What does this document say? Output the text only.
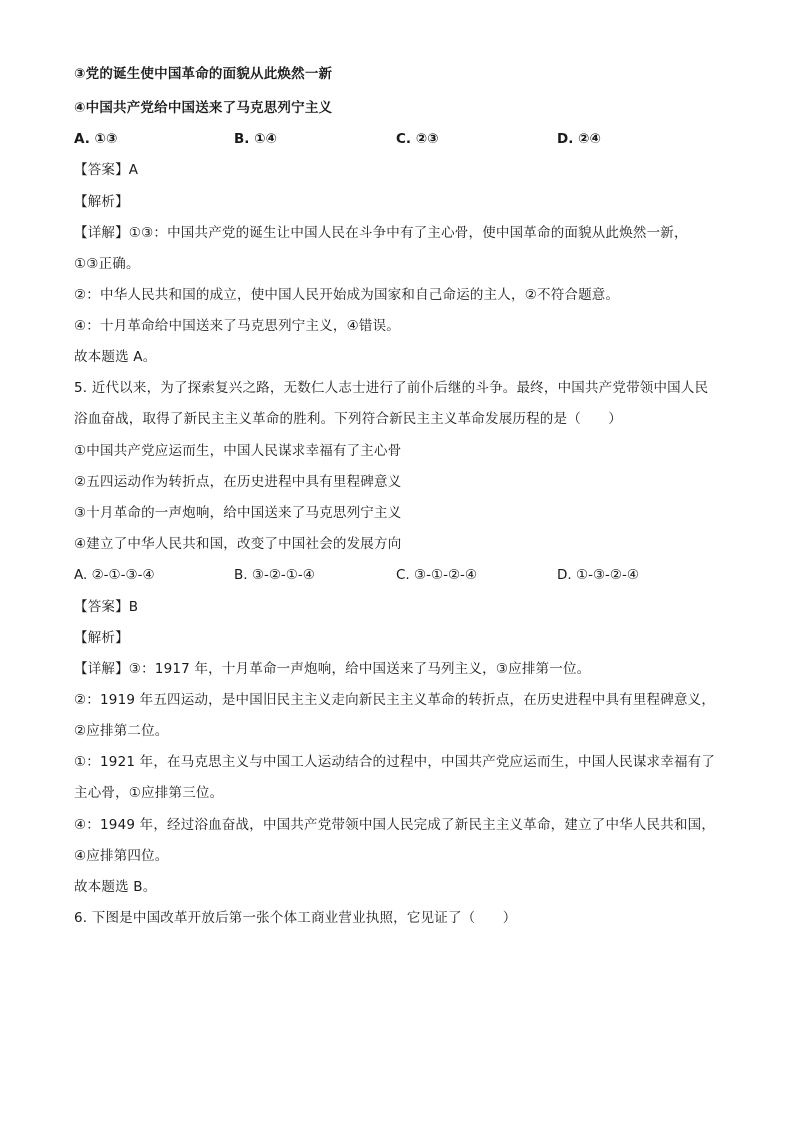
③党的诞生使中国革命的面貌从此焕然一新
④中国共产党给中国送来了马克思列宁主义
A. ①③	B. ①④	C. ②③	D. ②④
【答案】A
【解析】
【详解】①③：中国共产党的诞生让中国人民在斗争中有了主心骨，使中国革命的面貌从此焕然一新，
①③正确。
②：中华人民共和国的成立，使中国人民开始成为国家和自己命运的主人，②不符合题意。
④：十月革命给中国送来了马克思列宁主义，④错误。
故本题选 A。
5. 近代以来，为了探索复兴之路，无数仁人志士进行了前仆后继的斗争。最终，中国共产党带领中国人民
浴血奋战，取得了新民主主义革命的胜利。下列符合新民主主义革命发展历程的是（　　）
①中国共产党应运而生，中国人民谋求幸福有了主心骨
②五四运动作为转折点，在历史进程中具有里程碑意义
③十月革命的一声炮响，给中国送来了马克思列宁主义
④建立了中华人民共和国，改变了中国社会的发展方向
A. ②-①-③-④	B. ③-②-①-④	C. ③-①-②-④	D. ①-③-②-④
【答案】B
【解析】
【详解】③：1917 年，十月革命一声炮响，给中国送来了马列主义，③应排第一位。
②：1919 年五四运动，是中国旧民主主义走向新民主主义革命的转折点，在历史进程中具有里程碑意义，
②应排第二位。
①：1921 年，在马克思主义与中国工人运动结合的过程中，中国共产党应运而生，中国人民谋求幸福有了
主心骨，①应排第三位。
④：1949 年，经过浴血奋战，中国共产党带领中国人民完成了新民主主义革命，建立了中华人民共和国，
④应排第四位。
故本题选 B。
6. 下图是中国改革开放后第一张个体工商业营业执照，它见证了（　　）
